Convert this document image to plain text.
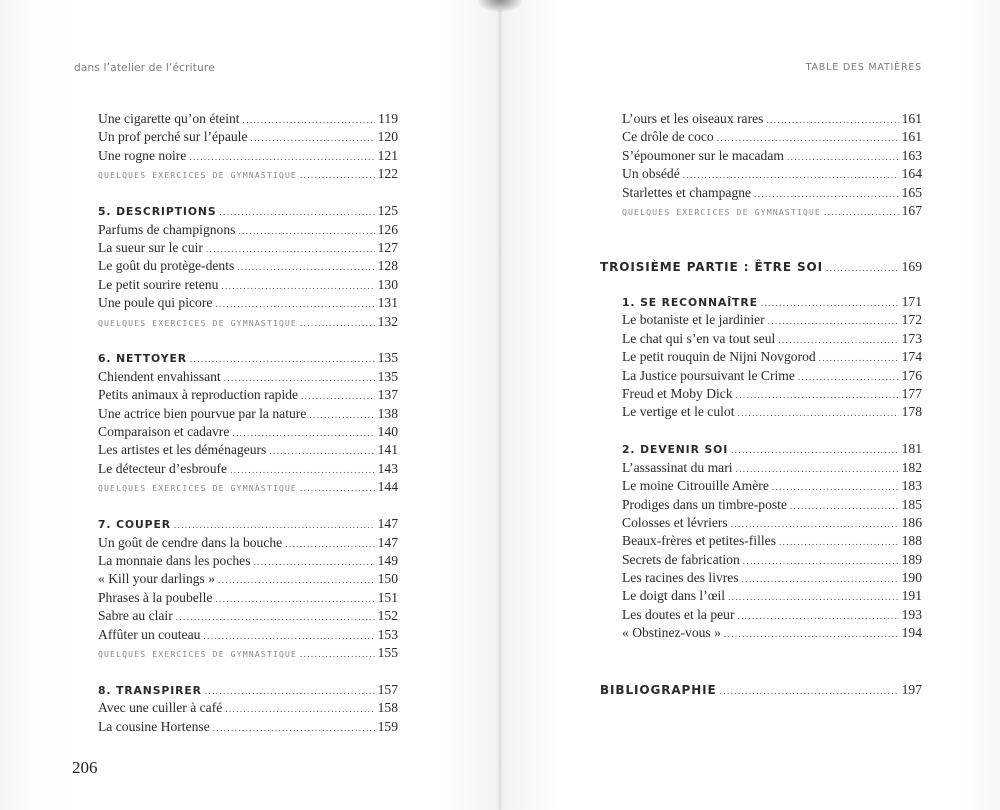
dans l’atelier de l’écriture	TABLE DES MATIÈRES
Une cigarette qu’on éteint .....	119
Un prof perché sur l’épaule .....	120
Une rogne noire .....	121
QUELQUES EXERCICES DE GYMNASTIQUE .....	122
5. DESCRIPTIONS .....	125
Parfums de champignons .....	126
La sueur sur le cuir .....	127
Le goût du protège-dents .....	128
Le petit sourire retenu .....	130
Une poule qui picore .....	131
QUELQUES EXERCICES DE GYMNASTIQUE .....	132
6. NETTOYER .....	135
Chiendent envahissant .....	135
Petits animaux à reproduction rapide .....	137
Une actrice bien pourvue par la nature .....	138
Comparaison et cadavre .....	140
Les artistes et les déménageurs .....	141
Le détecteur d’esbroufe .....	143
QUELQUES EXERCICES DE GYMNASTIQUE .....	144
7. COUPER .....	147
Un goût de cendre dans la bouche .....	147
La monnaie dans les poches .....	149
« Kill your darlings » .....	150
Phrases à la poubelle .....	151
Sabre au clair .....	152
Affûter un couteau .....	153
QUELQUES EXERCICES DE GYMNASTIQUE .....	155
8. TRANSPIRER .....	157
Avec une cuiller à café .....	158
La cousine Hortense .....	159
L’ours et les oiseaux rares .....	161
Ce drôle de coco .....	161
S’époumoner sur le macadam .....	163
Un obsédé .....	164
Starlettes et champagne .....	165
QUELQUES EXERCICES DE GYMNASTIQUE .....	167
TROISIÈME PARTIE : ÊTRE SOI .....	169
1. SE RECONNAÎTRE .....	171
Le botaniste et le jardinier .....	172
Le chat qui s’en va tout seul .....	173
Le petit rouquin de Nijni Novgorod .....	174
La Justice poursuivant le Crime .....	176
Freud et Moby Dick .....	177
Le vertige et le culot .....	178
2. DEVENIR SOI .....	181
L’assassinat du mari .....	182
Le moine Citrouille Amère .....	183
Prodiges dans un timbre-poste .....	185
Colosses et lévriers .....	186
Beaux-frères et petites-filles .....	188
Secrets de fabrication .....	189
Les racines des livres .....	190
Le doigt dans l’œil .....	191
Les doutes et la peur .....	193
« Obstinez-vous » .....	194
BIBLIOGRAPHIE .....	197
206
